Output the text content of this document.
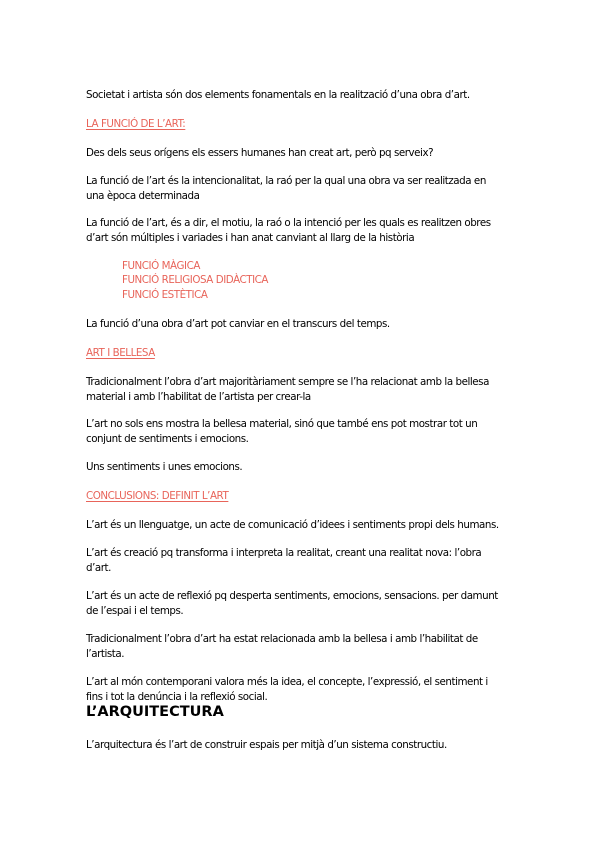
Societat i artista són dos elements fonamentals en la realització d’una obra d’art.

LA FUNCIÓ DE L’ART:

Des dels seus orígens els essers humanes han creat art, però pq serveix?

La funció de l’art és la intencionalitat, la raó per la qual una obra va ser realitzada en
una època determinada
La funció de l’art, és a dir, el motiu, la raó o la intenció per les quals es realitzen obres
d’art són múltiples i variades i han anat canviant al llarg de la història
FUNCIÓ MÀGICA
FUNCIÓ RELIGIOSA DIDÀCTICA
FUNCIÓ ESTÈTICA

La funció d’una obra d’art pot canviar en el transcurs del temps.

ART I BELLESA

Tradicionalment l’obra d’art majoritàriament sempre se l’ha relacionat amb la bellesa
material i amb l’habilitat de l’artista per crear-la
L’art no sols ens mostra la bellesa material, sinó que també ens pot mostrar tot un
conjunt de sentiments i emocions.

Uns sentiments i unes emocions.

CONCLUSIONS: DEFINIT L’ART

L’art és un llenguatge, un acte de comunicació d’idees i sentiments propi dels humans.

L’art és creació pq transforma i interpreta la realitat, creant una realitat nova: l’obra
d’art.
L’art és un acte de reflexió pq desperta sentiments, emocions, sensacions. per damunt
de l’espai i el temps.
Tradicionalment l’obra d’art ha estat relacionada amb la bellesa i amb l’habilitat de
l’artista.
L’art al món contemporani valora més la idea, el concepte, l’expressió, el sentiment i
fins i tot la denúncia i la reflexió social.

L’ARQUITECTURA

L’arquitectura és l’art de construir espais per mitjà d’un sistema constructiu.
